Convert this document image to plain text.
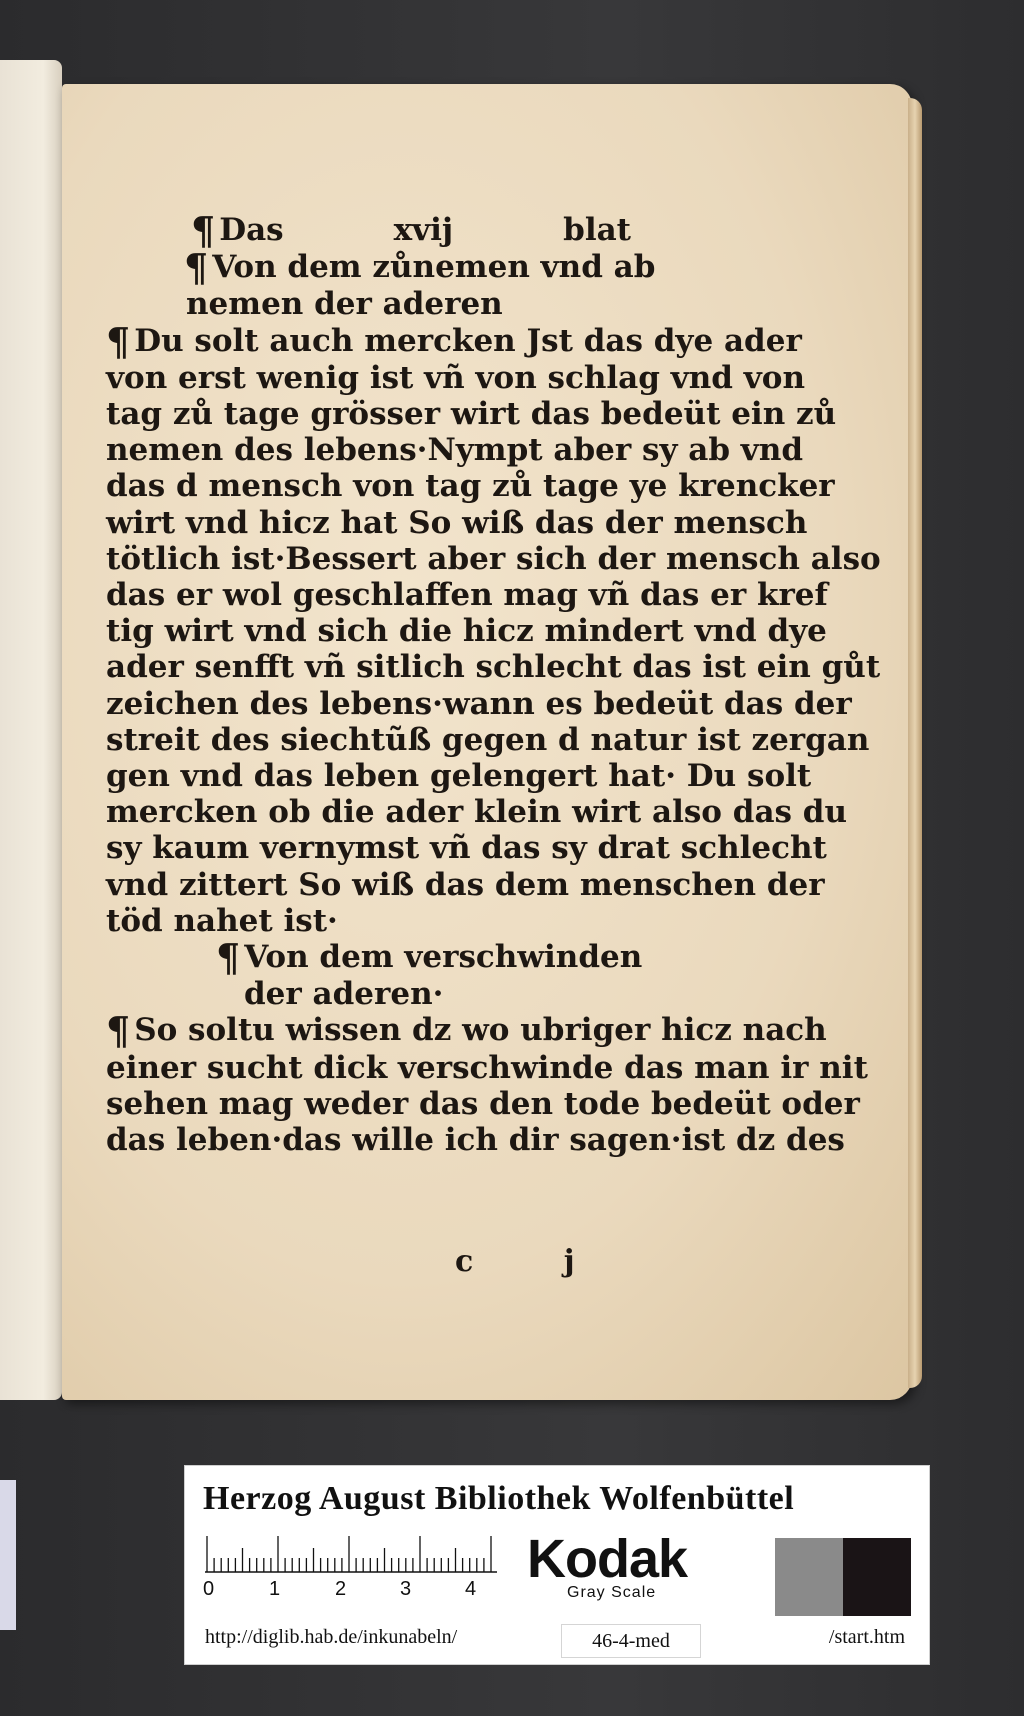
¶ Das	xvij	blat
¶ Von dem zůnemen vnd ab
nemen der aderen
¶ Du solt auch mercken Jst das dye ader
von erst wenig ist vñ von schlag vnd von
tag zů tage grösser wirt das bedeüt ein zů
nemen des lebens·Nympt aber sy ab vnd
das d mensch von tag zů tage ye krencker
wirt vnd hicz hat So wiß das der mensch
tötlich ist·Bessert aber sich der mensch also
das er wol geschlaffen mag vñ das er kref
tig wirt vnd sich die hicz mindert vnd dye
ader senfft vñ sitlich schlecht das ist ein gůt
zeichen des lebens·wann es bedeüt das der
streit des siechtũß gegen d natur ist zergan
gen vnd das leben gelengert hat· Du solt
mercken ob die ader klein wirt also das du
sy kaum vernymst vñ das sy drat schlecht
vnd zittert So wiß das dem menschen der
töd nahet ist·
¶ Von dem verschwinden
der aderen·
¶ So soltu wissen dz wo ubriger hicz nach
einer sucht dick verschwinde das man ir nit
sehen mag weder das den tode bedeüt oder
das leben·das wille ich dir sagen·ist dz des
c j
Herzog August Bibliothek Wolfenbüttel
0	1	2	3	4 Kodak
Gray Scale
http://diglib.hab.de/inkunabeln/	46-4-med	/start.htm
